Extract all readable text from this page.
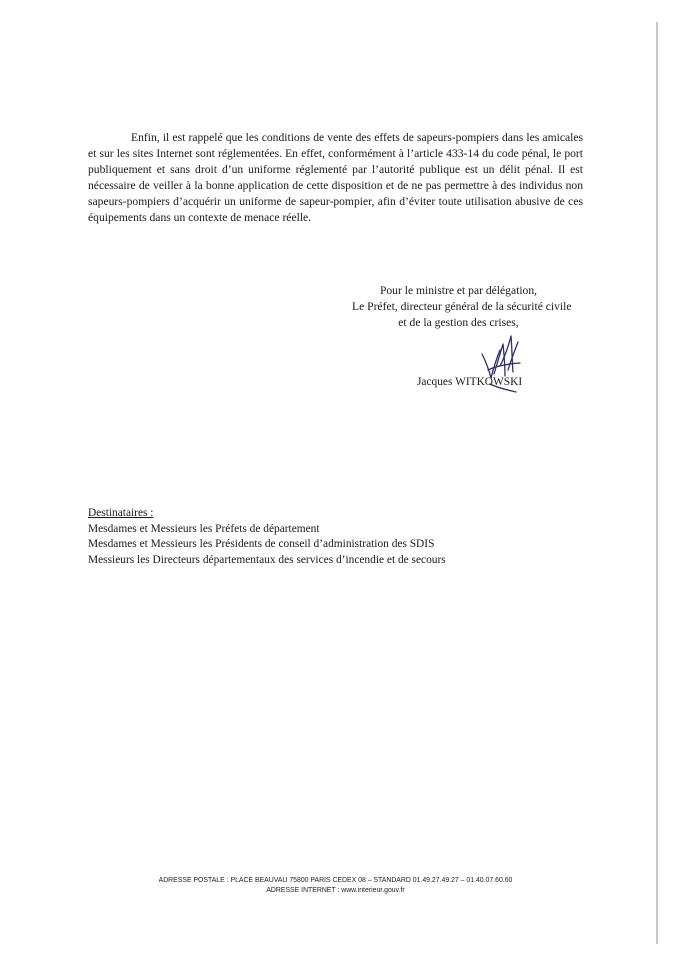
Enfin, il est rappelé que les conditions de vente des effets de sapeurs-pompiers dans les amicales et sur les sites Internet sont réglementées. En effet, conformément à l’article 433-14 du code pénal, le port publiquement et sans droit d’un uniforme réglementé par l’autorité publique est un délit pénal. Il est nécessaire de veiller à la bonne application de cette disposition et de ne pas permettre à des individus non sapeurs-pompiers d’acquérir un uniforme de sapeur-pompier, afin d’éviter toute utilisation abusive de ces équipements dans un contexte de menace réelle.

Pour le ministre et par délégation,
Le Préfet, directeur général de la sécurité civile
et de la gestion des crises,
Jacques WITKOWSKI
Destinataires :
Mesdames et Messieurs les Préfets de département
Mesdames et Messieurs les Présidents de conseil d’administration des SDIS
Messieurs les Directeurs départementaux des services d’incendie et de secours
ADRESSE POSTALE : PLACE BEAUVAU 75800 PARIS CEDEX 08 – STANDARD 01.49.27.49.27 – 01.40.07.60.60
ADRESSE INTERNET : www.interieur.gouv.fr
